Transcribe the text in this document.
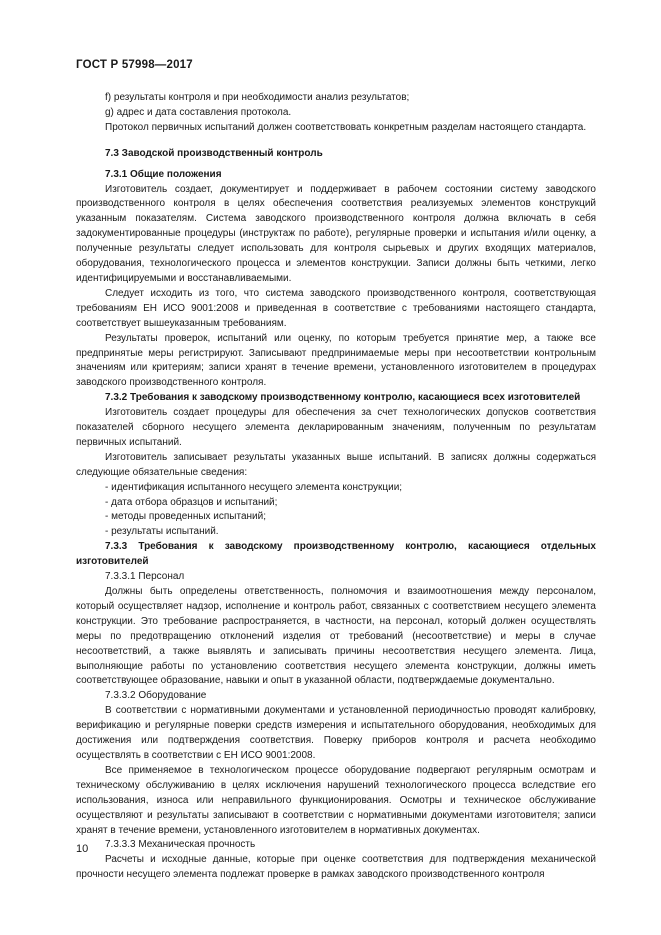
ГОСТ Р 57998—2017

f) результаты контроля и при необходимости анализ результатов;

g) адрес и дата составления протокола.

Протокол первичных испытаний должен соответствовать конкретным разделам настоящего стандарта.

7.3 Заводской производственный контроль

7.3.1 Общие положения

Изготовитель создает, документирует и поддерживает в рабочем состоянии систему заводского производственного контроля в целях обеспечения соответствия реализуемых элементов конструкций указанным показателям. Система заводского производственного контроля должна включать в себя задокументированные процедуры (инструктаж по работе), регулярные проверки и испытания и/или оценку, а полученные результаты следует использовать для контроля сырьевых и других входящих материалов, оборудования, технологического процесса и элементов конструкции. Записи должны быть четкими, легко идентифицируемыми и восстанавливаемыми.

Следует исходить из того, что система заводского производственного контроля, соответствующая требованиям ЕН ИСО 9001:2008 и приведенная в соответствие с требованиями настоящего стандарта, соответствует вышеуказанным требованиям.

Результаты проверок, испытаний или оценку, по которым требуется принятие мер, а также все предпринятые меры регистрируют. Записывают предпринимаемые меры при несоответствии контрольным значениям или критериям; записи хранят в течение времени, установленного изготовителем в процедурах заводского производственного контроля.

7.3.2 Требования к заводскому производственному контролю, касающиеся всех изготовителей

Изготовитель создает процедуры для обеспечения за счет технологических допусков соответствия показателей сборного несущего элемента декларированным значениям, полученным по результатам первичных испытаний.

Изготовитель записывает результаты указанных выше испытаний. В записях должны содержаться следующие обязательные сведения:

- идентификация испытанного несущего элемента конструкции;

- дата отбора образцов и испытаний;

- методы проведенных испытаний;

- результаты испытаний.

7.3.3 Требования к заводскому производственному контролю, касающиеся отдельных изготовителей

7.3.3.1 Персонал

Должны быть определены ответственность, полномочия и взаимоотношения между персоналом, который осуществляет надзор, исполнение и контроль работ, связанных с соответствием несущего элемента конструкции. Это требование распространяется, в частности, на персонал, который должен осуществлять меры по предотвращению отклонений изделия от требований (несоответствие) и меры в случае несоответствий, а также выявлять и записывать причины несоответствия несущего элемента. Лица, выполняющие работы по установлению соответствия несущего элемента конструкции, должны иметь соответствующее образование, навыки и опыт в указанной области, подтверждаемые документально.

7.3.3.2 Оборудование

В соответствии с нормативными документами и установленной периодичностью проводят калибровку, верификацию и регулярные поверки средств измерения и испытательного оборудования, необходимых для достижения или подтверждения соответствия. Поверку приборов контроля и расчета необходимо осуществлять в соответствии с ЕН ИСО 9001:2008.

Все применяемое в технологическом процессе оборудование подвергают регулярным осмотрам и техническому обслуживанию в целях исключения нарушений технологического процесса вследствие его использования, износа или неправильного функционирования. Осмотры и техническое обслуживание осуществляют и результаты записывают в соответствии с нормативными документами изготовителя; записи хранят в течение времени, установленного изготовителем в нормативных документах.

7.3.3.3 Механическая прочность

Расчеты и исходные данные, которые при оценке соответствия для подтверждения механической прочности несущего элемента подлежат проверке в рамках заводского производственного контроля

10
